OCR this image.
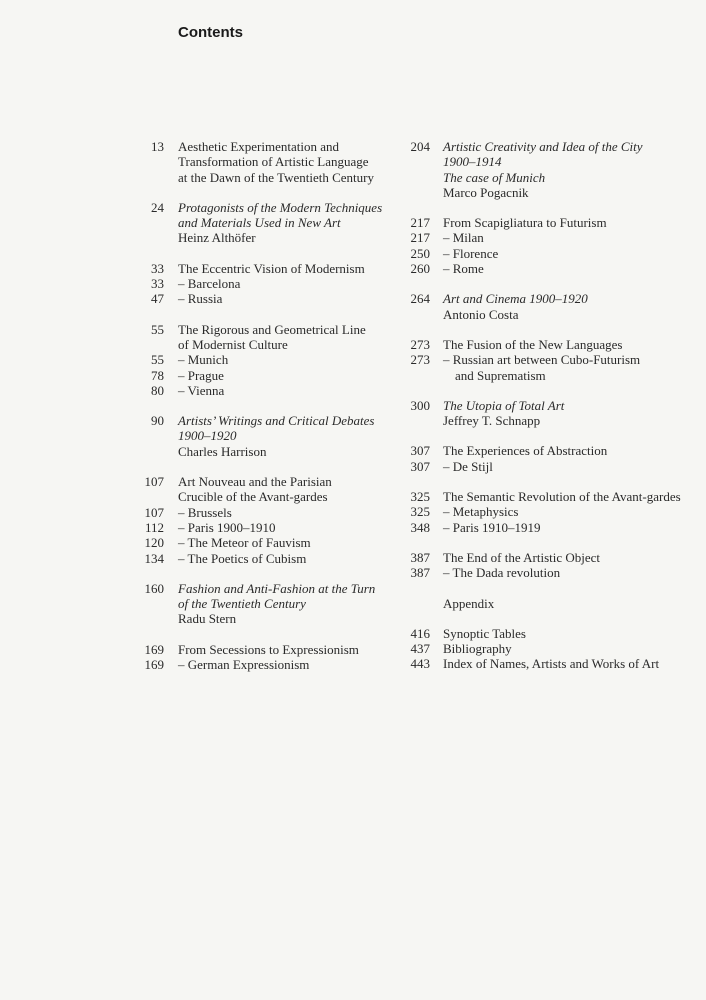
Contents
13	Aesthetic Experimentation and
Transformation of Artistic Language
at the Dawn of the Twentieth Century
24	Protagonists of the Modern Techniques
and Materials Used in New Art
Heinz Althöfer
33	The Eccentric Vision of Modernism
33	– Barcelona
47	– Russia
55	The Rigorous and Geometrical Line
of Modernist Culture
55	– Munich
78	– Prague
80	– Vienna
90	Artists’ Writings and Critical Debates
1900–1920
Charles Harrison
107	Art Nouveau and the Parisian
Crucible of the Avant-gardes
107	– Brussels
112	– Paris 1900–1910
120	– The Meteor of Fauvism
134	– The Poetics of Cubism
160	Fashion and Anti-Fashion at the Turn
of the Twentieth Century
Radu Stern
169	From Secessions to Expressionism
169	– German Expressionism
204	Artistic Creativity and Idea of the City
1900–1914
The case of Munich
Marco Pogacnik
217	From Scapigliatura to Futurism
217	– Milan
250	– Florence
260	– Rome
264	Art and Cinema 1900–1920
Antonio Costa
273	The Fusion of the New Languages
273	– Russian art between Cubo-Futurism
and Suprematism
300	The Utopia of Total Art
Jeffrey T. Schnapp
307	The Experiences of Abstraction
307	– De Stijl
325	The Semantic Revolution of the Avant-gardes
325	– Metaphysics
348	– Paris 1910–1919
387	The End of the Artistic Object
387	– The Dada revolution
Appendix
416	Synoptic Tables
437	Bibliography
443	Index of Names, Artists and Works of Art
